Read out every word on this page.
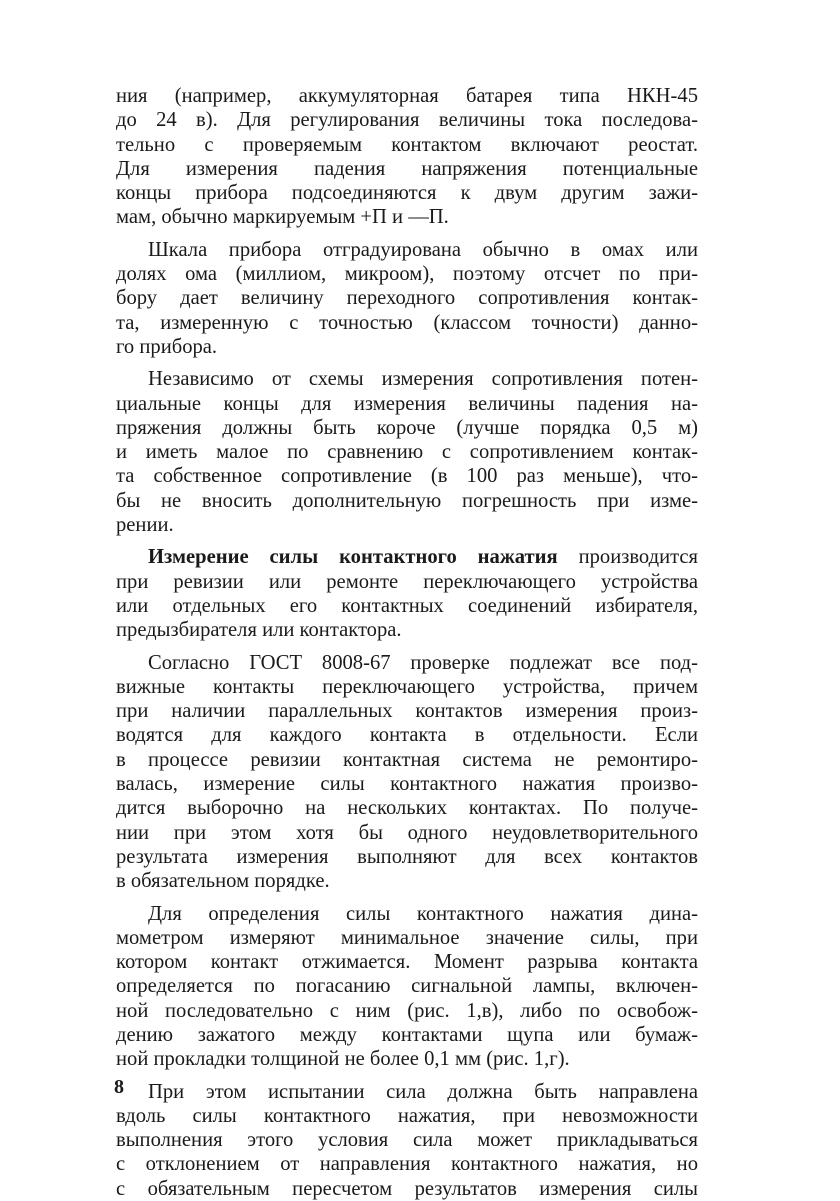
ния (например, аккумуляторная батарея типа НКН-45
до 24 в). Для регулирования величины тока последова-
тельно с проверяемым контактом включают реостат.
Для измерения падения напряжения потенциальные
концы прибора подсоединяются к двум другим зажи-
мам, обычно маркируемым +П и —П.
Шкала прибора отградуирована обычно в омах или
долях ома (миллиом, микроом), поэтому отсчет по при-
бору дает величину переходного сопротивления контак-
та, измеренную с точностью (классом точности) данно-
го прибора.
Независимо от схемы измерения сопротивления потен-
циальные концы для измерения величины падения на-
пряжения должны быть короче (лучше порядка 0,5 м)
и иметь малое по сравнению с сопротивлением контак-
та собственное сопротивление (в 100 раз меньше), что-
бы не вносить дополнительную погрешность при изме-
рении.
Измерение силы контактного нажатия производится
при ревизии или ремонте переключающего устройства
или отдельных его контактных соединений избирателя,
предызбирателя или контактора.
Согласно ГОСТ 8008-67 проверке подлежат все под-
вижные контакты переключающего устройства, причем
при наличии параллельных контактов измерения произ-
водятся для каждого контакта в отдельности. Если
в процессе ревизии контактная система не ремонтиро-
валась, измерение силы контактного нажатия произво-
дится выборочно на нескольких контактах. По получе-
нии при этом хотя бы одного неудовлетворительного
результата измерения выполняют для всех контактов
в обязательном порядке.
Для определения силы контактного нажатия дина-
мометром измеряют минимальное значение силы, при
котором контакт отжимается. Момент разрыва контакта
определяется по погасанию сигнальной лампы, включен-
ной последовательно с ним (рис. 1,в), либо по освобож-
дению зажатого между контактами щупа или бумаж-
ной прокладки толщиной не более 0,1 мм (рис. 1,г).
При этом испытании сила должна быть направлена
вдоль силы контактного нажатия, при невозможности
выполнения этого условия сила может прикладываться
с отклонением от направления контактного нажатия, но
с обязательным пересчетом результатов измерения силы
8
